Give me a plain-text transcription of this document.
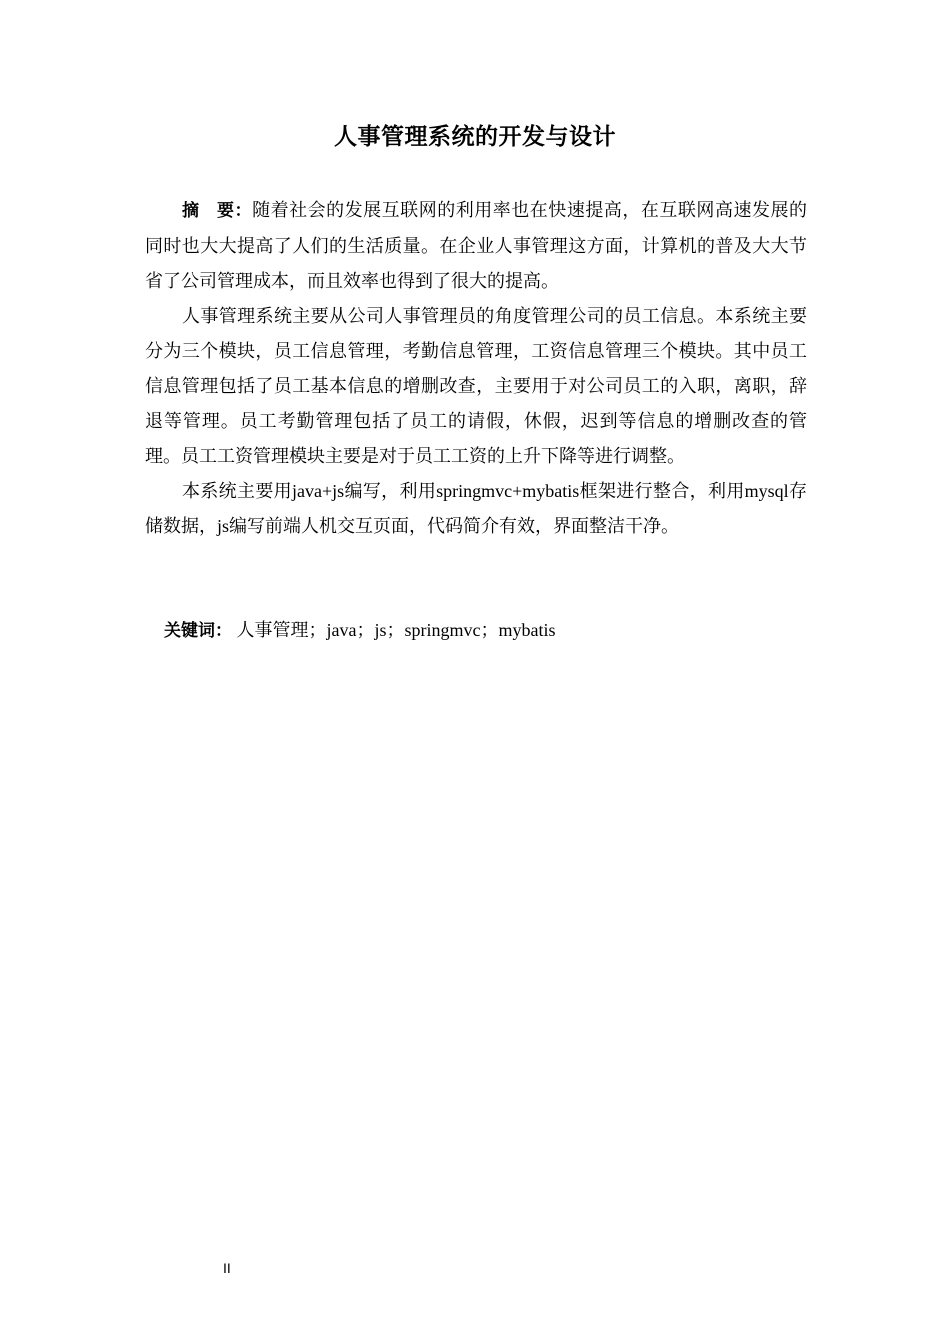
人事管理系统的开发与设计

摘　要：随着社会的发展互联网的利用率也在快速提高，在互联网高速发展的同时也大大提高了人们的生活质量。在企业人事管理这方面，计算机的普及大大节省了公司管理成本，而且效率也得到了很大的提高。

人事管理系统主要从公司人事管理员的角度管理公司的员工信息。本系统主要分为三个模块，员工信息管理，考勤信息管理，工资信息管理三个模块。其中员工信息管理包括了员工基本信息的增删改查，主要用于对公司员工的入职，离职，辞退等管理。员工考勤管理包括了员工的请假，休假，迟到等信息的增删改查的管理。员工工资管理模块主要是对于员工工资的上升下降等进行调整。

本系统主要用java+js编写，利用springmvc+mybatis框架进行整合，利用mysql存储数据，js编写前端人机交互页面，代码简介有效，界面整洁干净。

关键词： 人事管理；java；js；springmvc；mybatis
II
